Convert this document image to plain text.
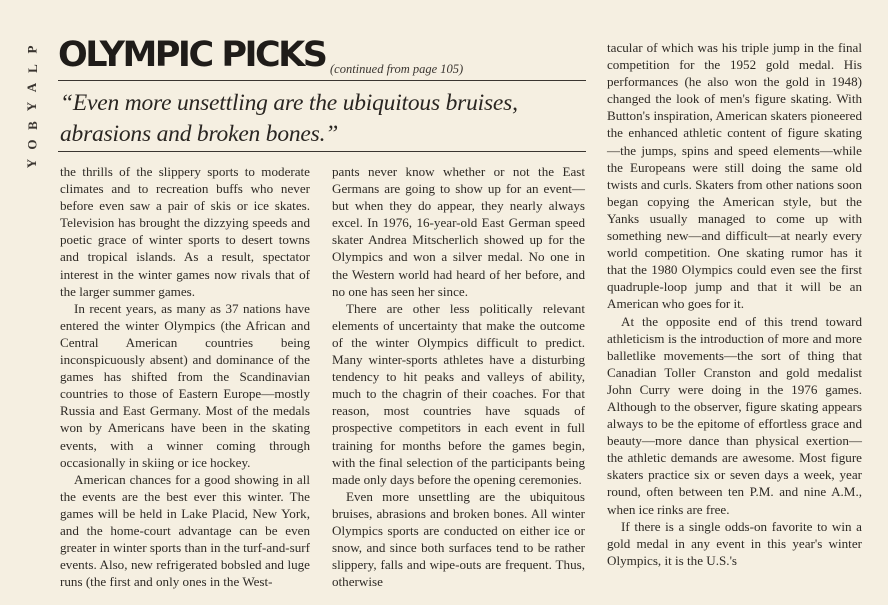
P
L
A
Y
B
O
Y
OLYMPIC PICKS (continued from page 105)
“Even more unsettling are the ubiquitous bruises, abrasions and broken bones.”

the thrills of the slippery sports to moderate climates and to recreation buffs who never before even saw a pair of skis or ice skates. Television has brought the dizzying speeds and poetic grace of winter sports to desert towns and tropical islands. As a result, spectator interest in the winter games now rivals that of the larger summer games.

In recent years, as many as 37 nations have entered the winter Olympics (the African and Central American countries being inconspicuously absent) and dominance of the games has shifted from the Scandinavian countries to those of Eastern Europe—mostly Russia and East Germany. Most of the medals won by Americans have been in the skating events, with a winner coming through occasionally in skiing or ice hockey.

American chances for a good showing in all the events are the best ever this winter. The games will be held in Lake Placid, New York, and the home-court advantage can be even greater in winter sports than in the turf-and-surf events. Also, new refrigerated bobsled and luge runs (the first and only ones in the West-

pants never know whether or not the East Germans are going to show up for an event—but when they do appear, they nearly always excel. In 1976, 16-year-old East German speed skater Andrea Mitscherlich showed up for the Olympics and won a silver medal. No one in the Western world had heard of her before, and no one has seen her since.

There are other less politically relevant elements of uncertainty that make the outcome of the winter Olympics difficult to predict. Many winter-sports athletes have a disturbing tendency to hit peaks and valleys of ability, much to the chagrin of their coaches. For that reason, most countries have squads of prospective competitors in each event in full training for months before the games begin, with the final selection of the participants being made only days before the opening ceremonies.

Even more unsettling are the ubiquitous bruises, abrasions and broken bones. All winter Olympics sports are conducted on either ice or snow, and since both surfaces tend to be rather slippery, falls and wipe-outs are frequent. Thus, otherwise

tacular of which was his triple jump in the final competition for the 1952 gold medal. His performances (he also won the gold in 1948) changed the look of men's figure skating. With Button's inspiration, American skaters pioneered the enhanced athletic content of figure skating—the jumps, spins and speed elements—while the Europeans were still doing the same old twists and curls. Skaters from other nations soon began copying the American style, but the Yanks usually managed to come up with something new—and difficult—at nearly every world competition. One skating rumor has it that the 1980 Olympics could even see the first quadruple-loop jump and that it will be an American who goes for it.

At the opposite end of this trend toward athleticism is the introduction of more and more balletlike movements—the sort of thing that Canadian Toller Cranston and gold medalist John Curry were doing in the 1976 games. Although to the observer, figure skating appears always to be the epitome of effortless grace and beauty—more dance than physical exertion—the athletic demands are awesome. Most figure skaters practice six or seven days a week, year round, often between ten P.M. and nine A.M., when ice rinks are free.

If there is a single odds-on favorite to win a gold medal in any event in this year's winter Olympics, it is the U.S.'s
